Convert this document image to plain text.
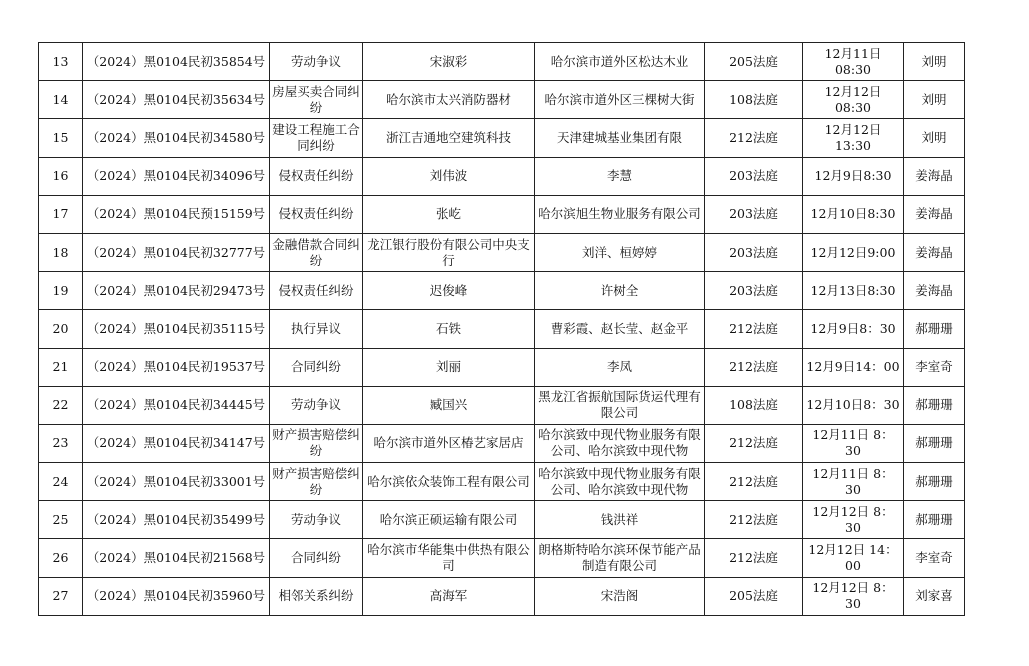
13	（2024）黑0104民初35854号	劳动争议	宋淑彩	哈尔滨市道外区松达木业	205法庭	12月11日 08:30	刘明

14	（2024）黑0104民初35634号	房屋买卖合同纠纷	哈尔滨市太兴消防器材	哈尔滨市道外区三棵树大街	108法庭	12月12日 08:30	刘明

15	（2024）黑0104民初34580号	建设工程施工合同纠纷	浙江吉通地空建筑科技	天津建城基业集团有限	212法庭	12月12日 13:30	刘明

16	（2024）黑0104民初34096号	侵权责任纠纷	刘伟波	李慧	203法庭	12月9日8:30	姜海晶

17	（2024）黑0104民预15159号	侵权责任纠纷	张屹	哈尔滨旭生物业服务有限公司	203法庭	12月10日8:30	姜海晶

18	（2024）黑0104民初32777号	金融借款合同纠纷	龙江银行股份有限公司中央支行	刘洋、桓婷婷	203法庭	12月12日9:00	姜海晶

19	（2024）黑0104民初29473号	侵权责任纠纷	迟俊峰	许树全	203法庭	12月13日8:30	姜海晶

20	（2024）黑0104民初35115号	执行异议	石铁	曹彩霞、赵长莹、赵金平	212法庭	12月9日8：30	郝珊珊

21	（2024）黑0104民初19537号	合同纠纷	刘丽	李凤	212法庭	12月9日14：00	李室奇

22	（2024）黑0104民初34445号	劳动争议	臧国兴	黑龙江省振航国际货运代理有限公司	108法庭	12月10日8：30	郝珊珊

23	（2024）黑0104民初34147号	财产损害赔偿纠纷	哈尔滨市道外区椿艺家居店	哈尔滨致中现代物业服务有限公司、哈尔滨致中现代物	212法庭	12月11日 8：30	郝珊珊

24	（2024）黑0104民初33001号	财产损害赔偿纠纷	哈尔滨依众装饰工程有限公司	哈尔滨致中现代物业服务有限公司、哈尔滨致中现代物	212法庭	12月11日 8：30	郝珊珊

25	（2024）黑0104民初35499号	劳动争议	哈尔滨正硕运输有限公司	钱洪祥	212法庭	12月12日 8：30	郝珊珊

26	（2024）黑0104民初21568号	合同纠纷	哈尔滨市华能集中供热有限公司	朗格斯特哈尔滨环保节能产品制造有限公司	212法庭	12月12日 14：00	李室奇

27	（2024）黑0104民初35960号	相邻关系纠纷	高海军	宋浩阁	205法庭	12月12日 8：30	刘家喜
